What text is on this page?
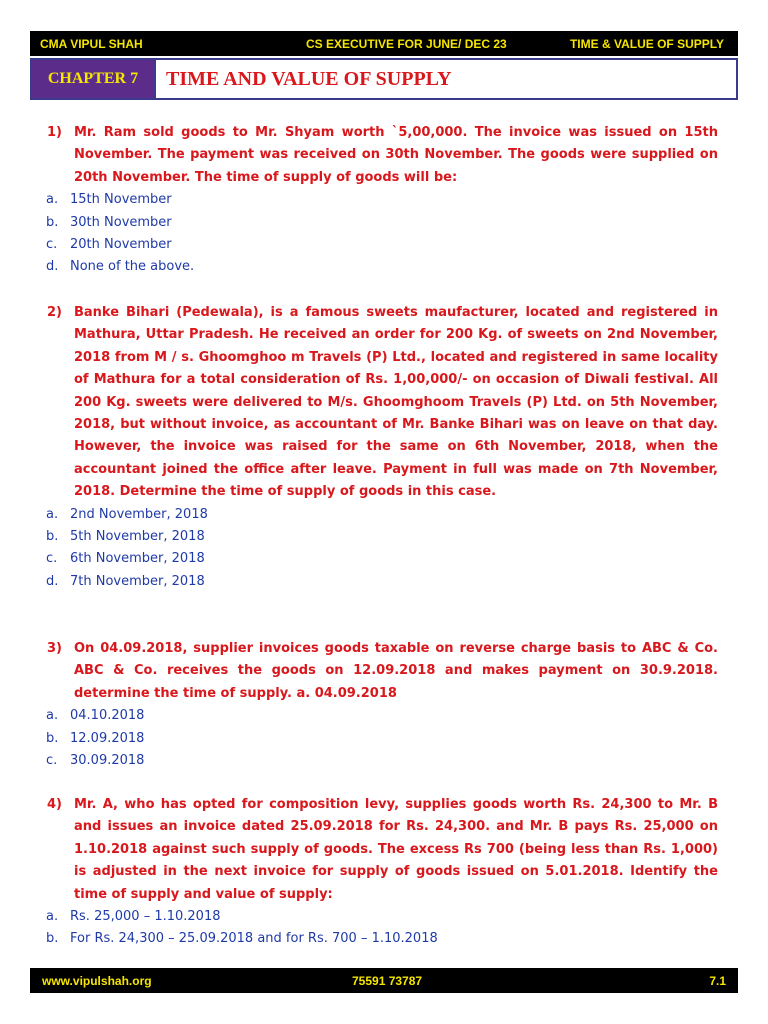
CMA VIPUL SHAH	CS EXECUTIVE FOR JUNE/ DEC 23	TIME & VALUE OF SUPPLY
CHAPTER 7	TIME AND VALUE OF SUPPLY
1) Mr. Ram sold goods to Mr. Shyam worth `5,00,000. The invoice was issued on 15th November. The payment was received on 30th November. The goods were supplied on 20th November. The time of supply of goods will be:
a. 15th November
b. 30th November
c. 20th November
d. None of the above.
2) Banke Bihari (Pedewala), is a famous sweets maufacturer, located and registered in Mathura, Uttar Pradesh. He received an order for 200 Kg. of sweets on 2nd November, 2018 from M / s. Ghoomghoo m Travels (P) Ltd., located and registered in same locality of Mathura for a total consideration of Rs. 1,00,000/- on occasion of Diwali festival. All 200 Kg. sweets were delivered to M/s. Ghoomghoom Travels (P) Ltd. on 5th November, 2018, but without invoice, as accountant of Mr. Banke Bihari was on leave on that day. However, the invoice was raised for the same on 6th November, 2018, when the accountant joined the office after leave. Payment in full was made on 7th November, 2018. Determine the time of supply of goods in this case.
a. 2nd November, 2018
b. 5th November, 2018
c. 6th November, 2018
d. 7th November, 2018
3) On 04.09.2018, supplier invoices goods taxable on reverse charge basis to ABC & Co. ABC & Co. receives the goods on 12.09.2018 and makes payment on 30.9.2018. determine the time of supply. a. 04.09.2018
a. 04.10.2018
b. 12.09.2018
c. 30.09.2018
4) Mr. A, who has opted for composition levy, supplies goods worth Rs. 24,300 to Mr. B and issues an invoice dated 25.09.2018 for Rs. 24,300. and Mr. B pays Rs. 25,000 on 1.10.2018 against such supply of goods. The excess Rs 700 (being less than Rs. 1,000) is adjusted in the next invoice for supply of goods issued on 5.01.2018. Identify the time of supply and value of supply:
a. Rs. 25,000 – 1.10.2018
b. For Rs. 24,300 – 25.09.2018 and for Rs. 700 – 1.10.2018
www.vipulshah.org	75591 73787	7.1
